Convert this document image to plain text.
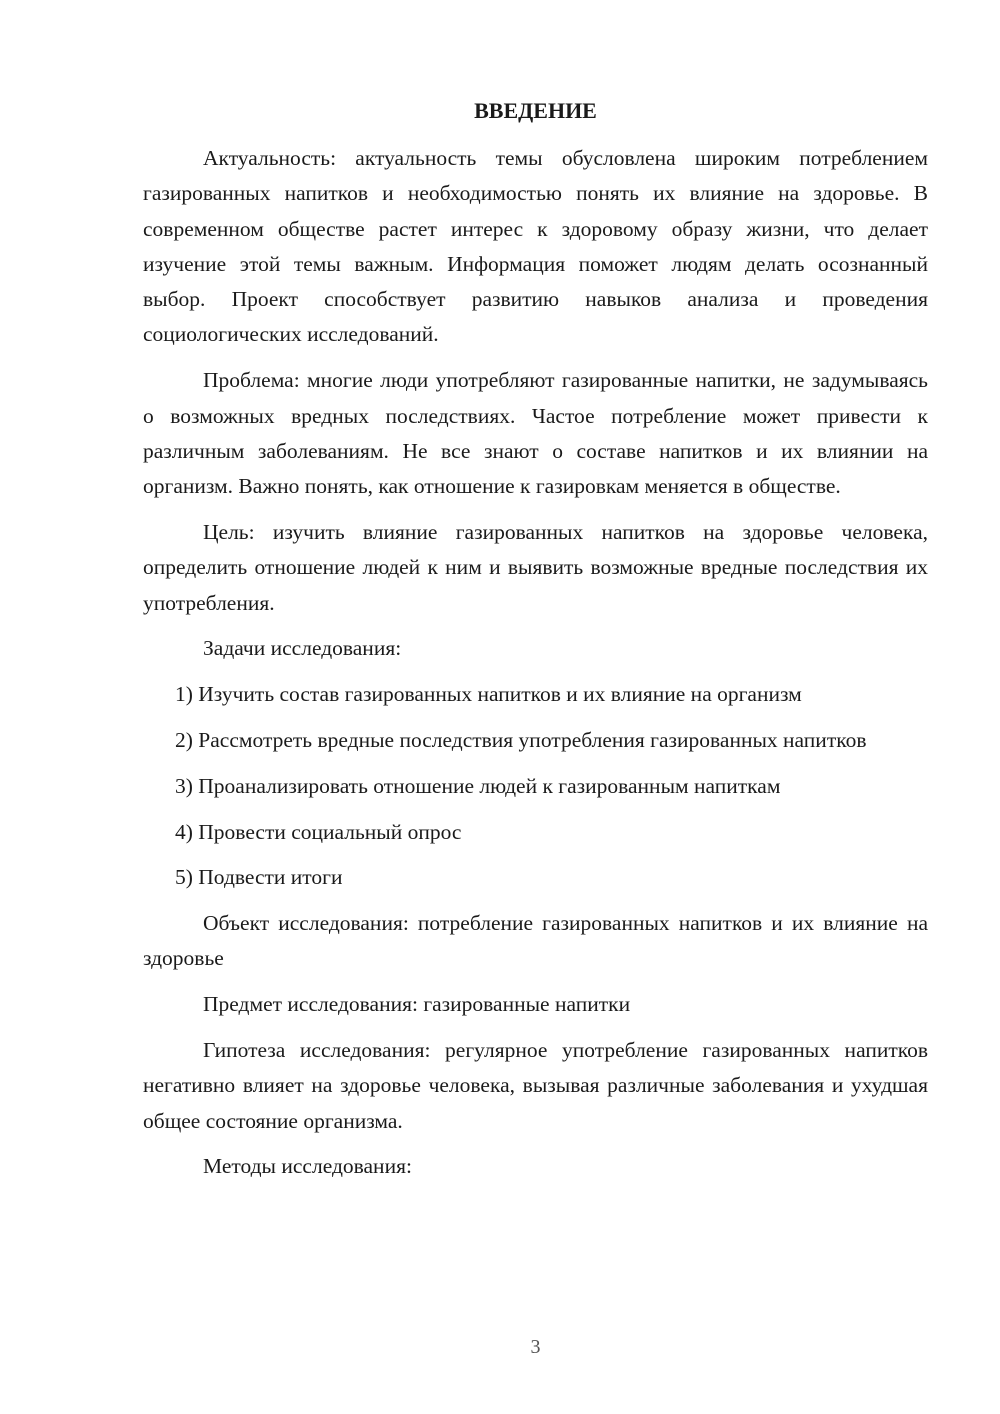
ВВЕДЕНИЕ

Актуальность: актуальность темы обусловлена широким потреблением газированных напитков и необходимостью понять их влияние на здоровье. В современном обществе растет интерес к здоровому образу жизни, что делает изучение этой темы важным. Информация поможет людям делать осознанный выбор. Проект способствует развитию навыков анализа и проведения социологических исследований.

Проблема: многие люди употребляют газированные напитки, не задумываясь о возможных вредных последствиях. Частое потребление может привести к различным заболеваниям. Не все знают о составе напитков и их влиянии на организм. Важно понять, как отношение к газировкам меняется в обществе.

Цель: изучить влияние газированных напитков на здоровье человека, определить отношение людей к ним и выявить возможные вредные последствия их употребления.

Задачи исследования:

1) Изучить состав газированных напитков и их влияние на организм

2) Рассмотреть вредные последствия употребления газированных напитков

3) Проанализировать отношение людей к газированным напиткам

4) Провести социальный опрос

5) Подвести итоги

Объект исследования: потребление газированных напитков и их влияние на здоровье

Предмет исследования: газированные напитки

Гипотеза исследования: регулярное употребление газированных напитков негативно влияет на здоровье человека, вызывая различные заболевания и ухудшая общее состояние организма.

Методы исследования:

3
